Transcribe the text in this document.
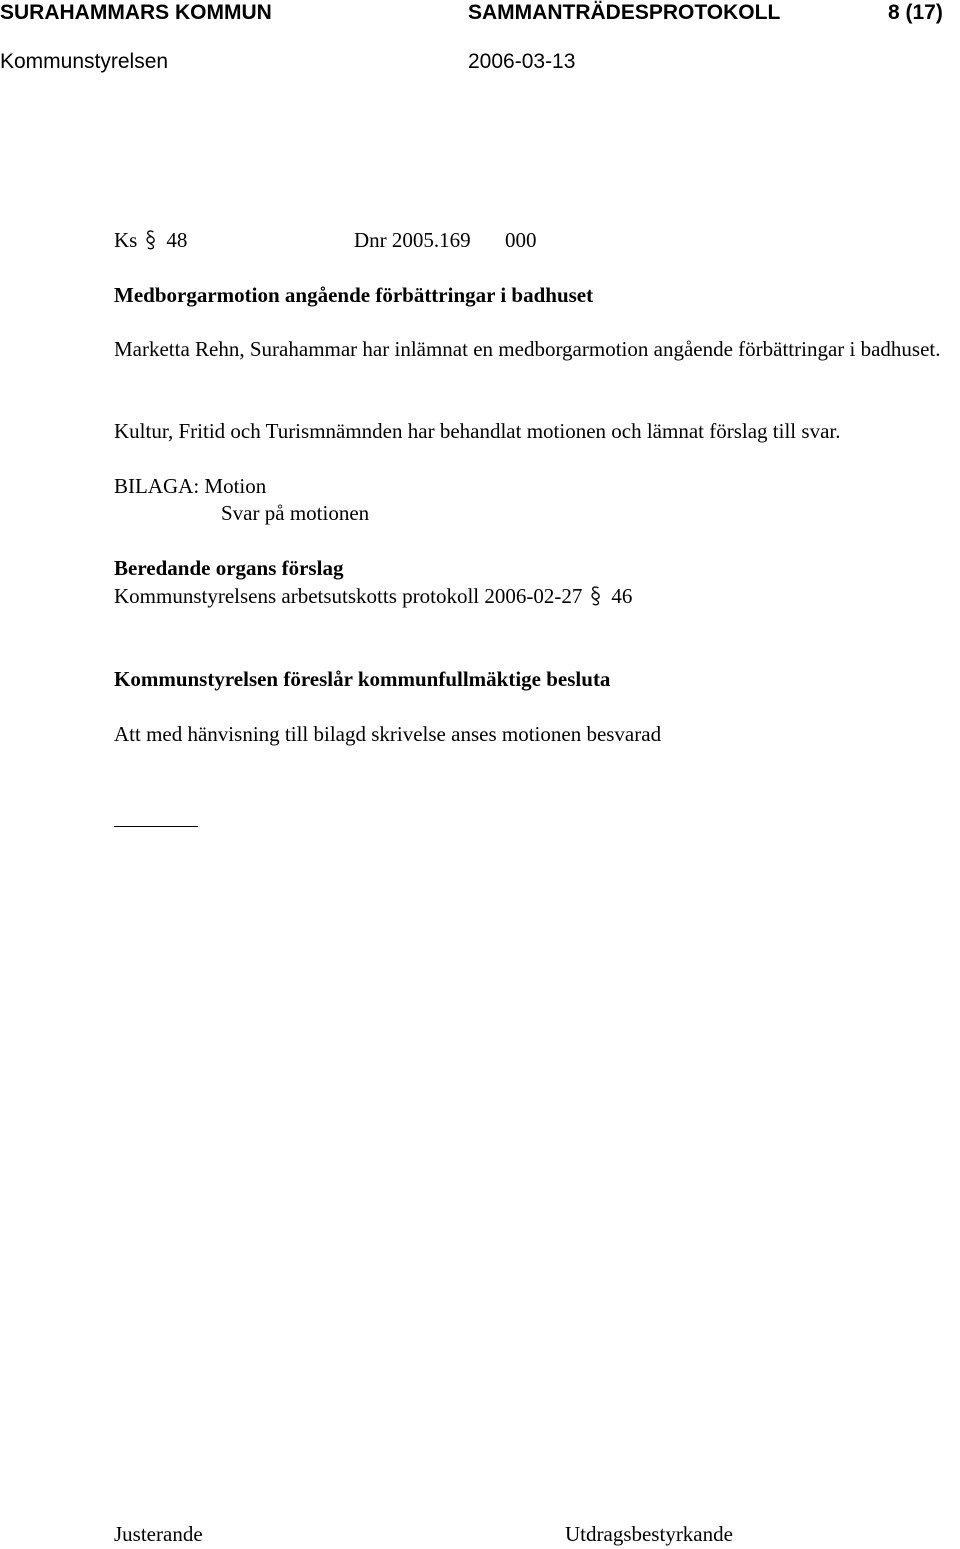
SURAHAMMARS KOMMUN	SAMMANTRÄDESPROTOKOLL	8 (17)
Kommunstyrelsen	2006-03-13
Ks 48	Dnr 2005.169 000
Medborgarmotion angående förbättringar i badhuset
Marketta Rehn, Surahammar har inlämnat en medborgarmotion angående förbättringar i badhuset.
Kultur, Fritid och Turismnämnden har behandlat motionen och lämnat förslag till svar.
BILAGA: Motion
Svar på motionen
Beredande organs förslag
Kommunstyrelsens arbetsutskotts protokoll 2006-02-27 46
Kommunstyrelsen föreslår kommunfullmäktige besluta
Att med hänvisning till bilagd skrivelse anses motionen besvarad
Justerande	Utdragsbestyrkande
